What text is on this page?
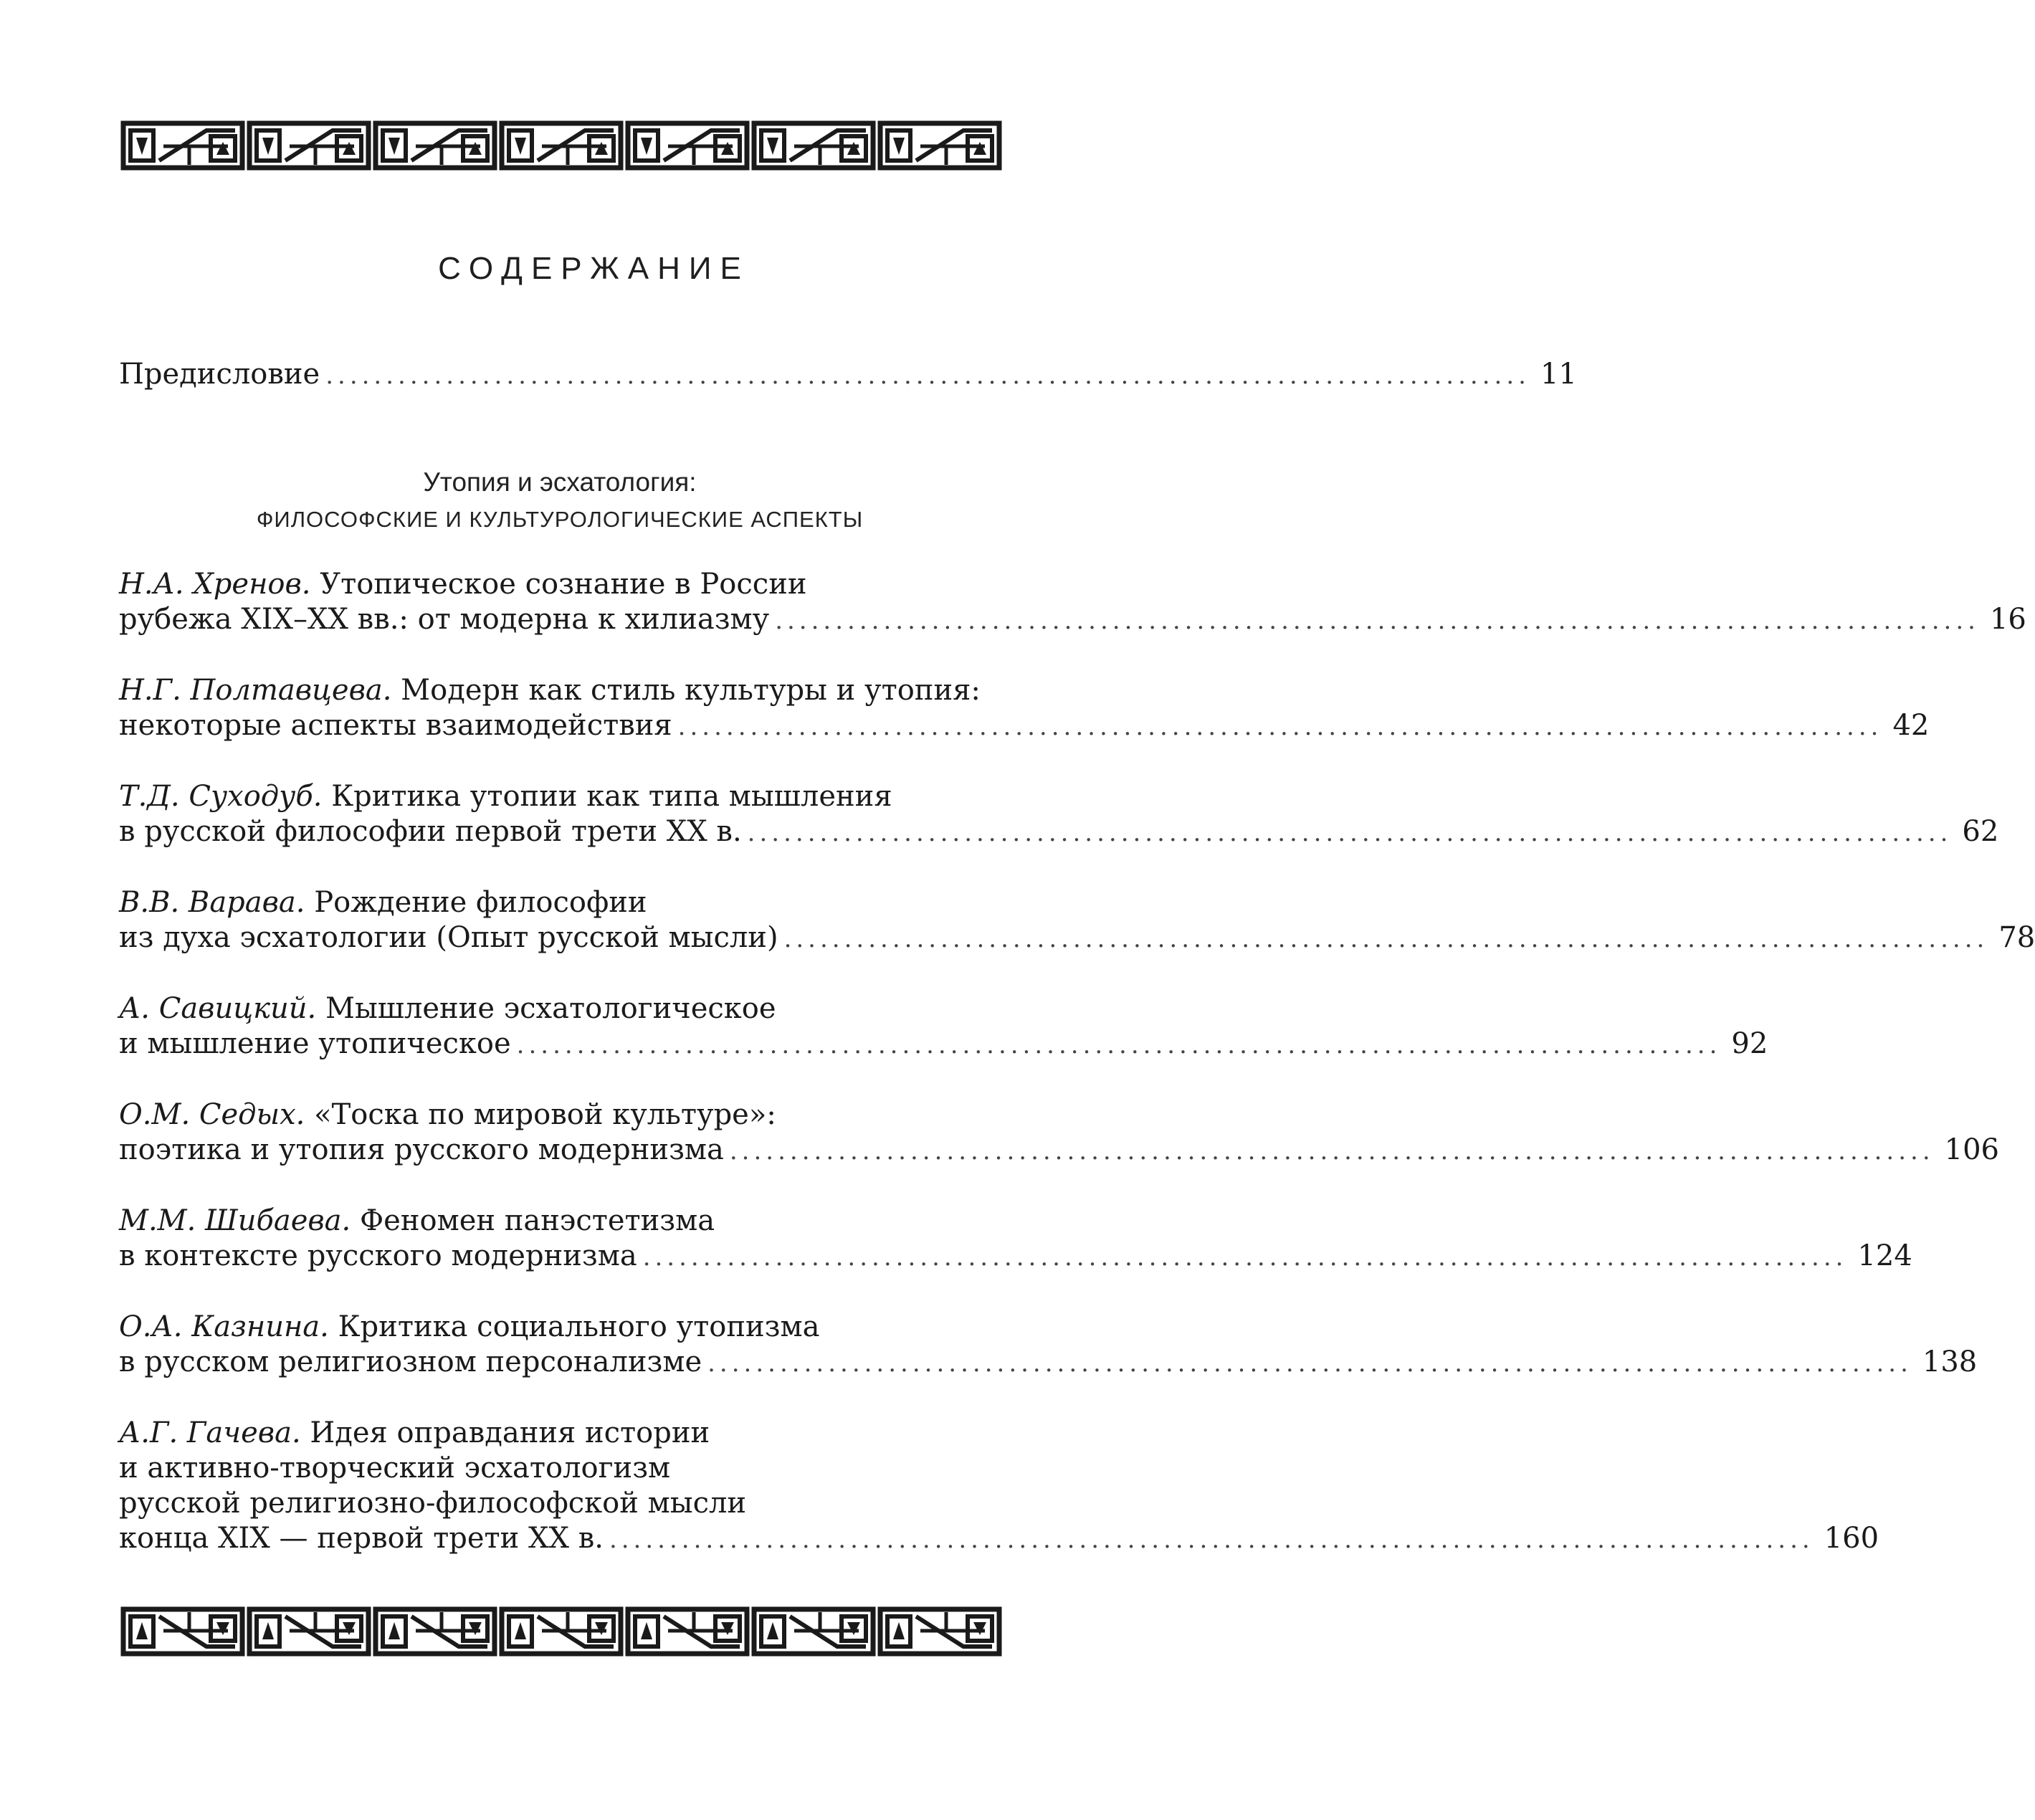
СОДЕРЖАНИЕ
Предисловие .................................................................................................... 11
Утопия и эсхатология:
ФИЛОСОФСКИЕ И КУЛЬТУРОЛОГИЧЕСКИЕ АСПЕКТЫ
Н.А. Хренов. Утопическое сознание в России
рубежа XIX–XX вв.: от модерна к хилиазму .................................................................................................... 16
Н.Г. Полтавцева. Модерн как стиль культуры и утопия:
некоторые аспекты взаимодействия .................................................................................................... 42
Т.Д. Суходуб. Критика утопии как типа мышления
в русской философии первой трети XX в. .................................................................................................... 62
В.В. Варава. Рождение философии
из духа эсхатологии (Опыт русской мысли) .................................................................................................... 78
А. Савицкий. Мышление эсхатологическое
и мышление утопическое .................................................................................................... 92
О.М. Седых. «Тоска по мировой культуре»:
поэтика и утопия русского модернизма .................................................................................................... 106
М.М. Шибаева. Феномен панэстетизма
в контексте русского модернизма .................................................................................................... 124
О.А. Казнина. Критика социального утопизма
в русском религиозном персонализме .................................................................................................... 138
А.Г. Гачева. Идея оправдания истории
и активно-творческий эсхатологизм
русской религиозно-философской мысли
конца XIX — первой трети XX в. .................................................................................................... 160
